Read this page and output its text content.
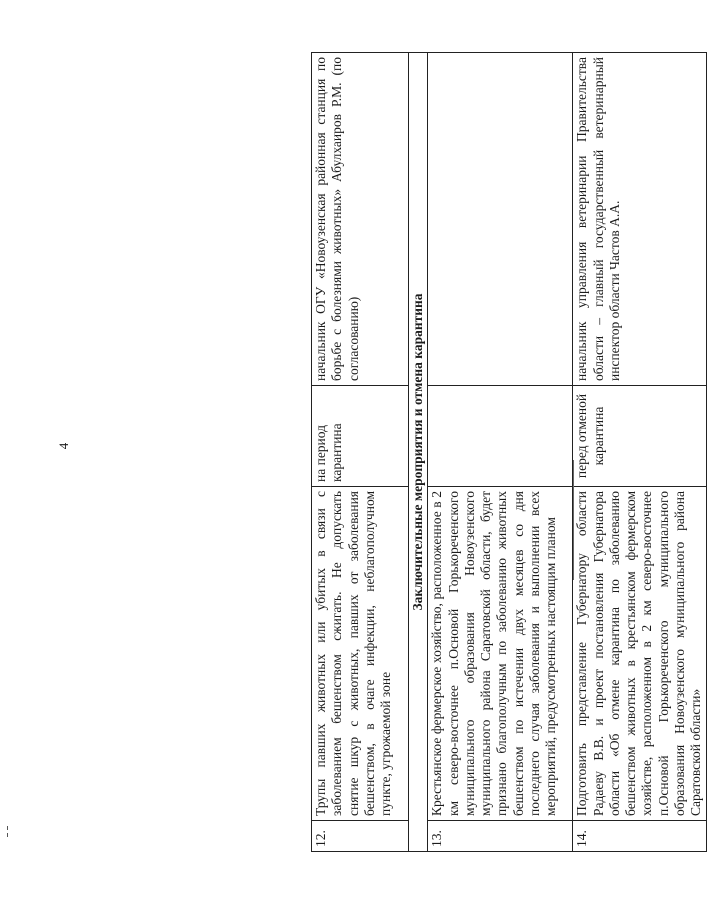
4
12.	Трупы павших животных или убитых в связи с заболеванием бешенством сжигать. Не допускать снятие шкур с животных, павших от заболевания бешенством, в очаге инфекции, неблагополучном пункте, угрожаемой зоне	на период карантина	начальник ОГУ «Новоузенская районная станция по борьбе с болезнями животных» Абулхаиров Р.М. (по согласованию)
Заключительные мероприятия и отмена карантина			
13.	Крестьянское фермерское хозяйство, расположенное в 2 км северо-восточнее п.Основой Горькореченского муниципального образования Новоузенского муниципального района Саратовской области, будет признано благополучным по заболеванию животных бешенством по истечении двух месяцев со дня последнего случая заболевания и выполнении всех мероприятий, предусмотренных настоящим планом		
14.	Подготовить представление Губернатору области Радаеву В.В. и проект постановления Губернатора области «Об отмене карантина по заболеванию бешенством животных в крестьянском фермерском хозяйстве, расположенном в 2 км северо-восточнее п.Основой Горькореченского муниципального образования Новоузенского муниципального района Саратовской области»	перед отменой карантина	начальник управления ветеринарии Правительства области – главный государственный ветеринарный инспектор области Частов А.А.
